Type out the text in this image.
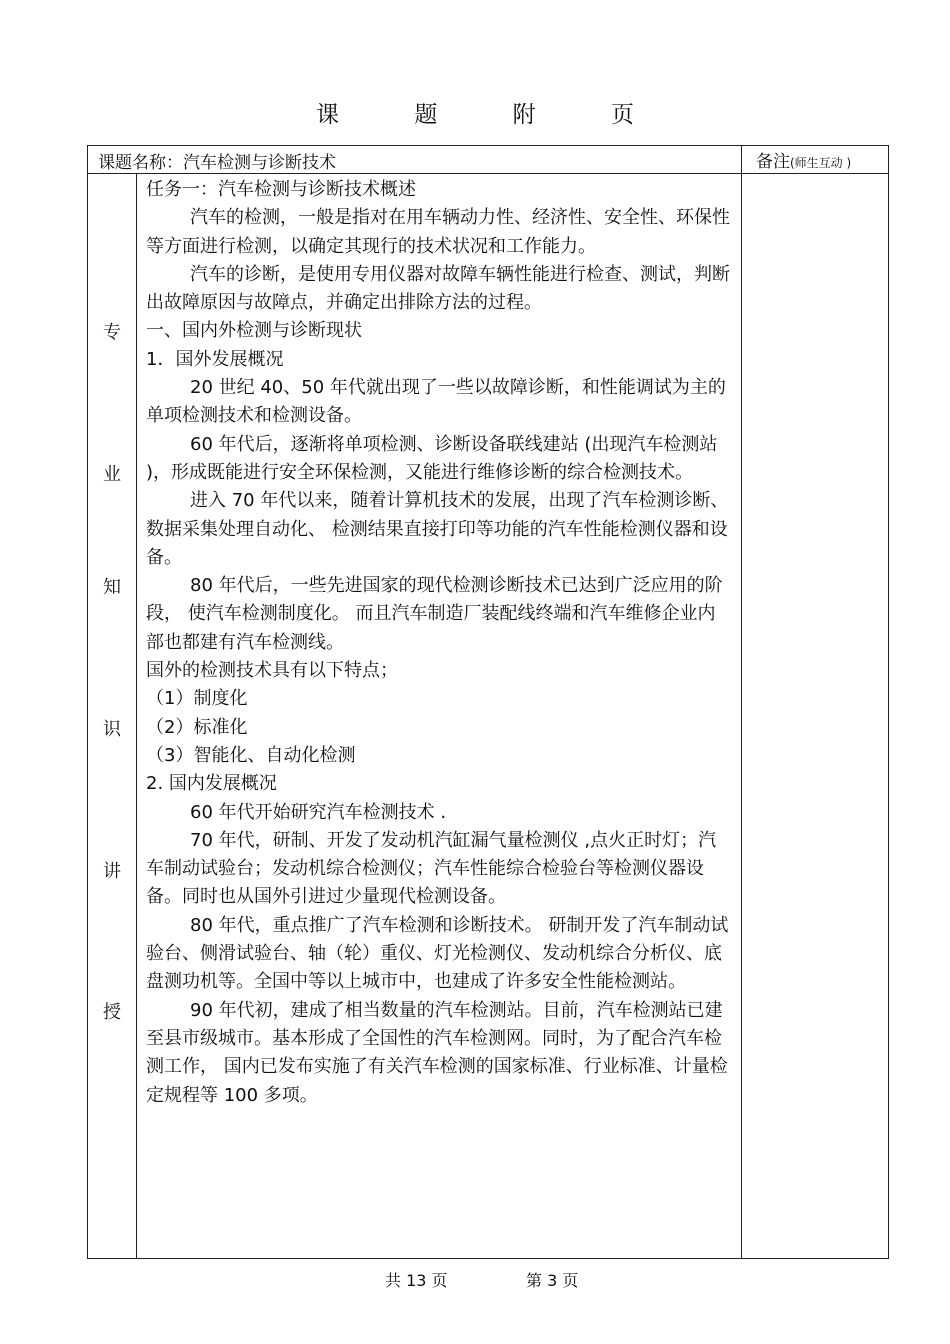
课 题 附 页
课题名称：汽车检测与诊断技术	备注(师生互动 )
专
业
知
识
讲
授

任务一：汽车检测与诊断技术概述

汽车的检测，一般是指对在用车辆动力性、经济性、安全性、环保性等方面进行检测，以确定其现行的技术状况和工作能力。

汽车的诊断，是使用专用仪器对故障车辆性能进行检查、测试，判断出故障原因与故障点，并确定出排除方法的过程。

一、国内外检测与诊断现状

1．国外发展概况

20 世纪 40、50 年代就出现了一些以故障诊断，和性能调试为主的单项检测技术和检测设备。

60 年代后，逐渐将单项检测、诊断设备联线建站 (出现汽车检测站 )，形成既能进行安全环保检测，又能进行维修诊断的综合检测技术。

进入 70 年代以来，随着计算机技术的发展，出现了汽车检测诊断、数据采集处理自动化、 检测结果直接打印等功能的汽车性能检测仪器和设备。

80 年代后，一些先进国家的现代检测诊断技术已达到广泛应用的阶段， 使汽车检测制度化。 而且汽车制造厂装配线终端和汽车维修企业内部也都建有汽车检测线。

国外的检测技术具有以下特点；

（1）制度化

（2）标准化

（3）智能化、自动化检测

2. 国内发展概况

60 年代开始研究汽车检测技术 .

70 年代，研制、开发了发动机汽缸漏气量检测仪 ,点火正时灯；汽车制动试验台；发动机综合检测仪；汽车性能综合检验台等检测仪器设备。同时也从国外引进过少量现代检测设备。

80 年代，重点推广了汽车检测和诊断技术。 研制开发了汽车制动试验台、侧滑试验台、轴（轮）重仪、灯光检测仪、发动机综合分析仪、底盘测功机等。全国中等以上城市中，也建成了许多安全性能检测站。

90 年代初，建成了相当数量的汽车检测站。目前，汽车检测站已建至县市级城市。基本形成了全国性的汽车检测网。同时，为了配合汽车检测工作， 国内已发布实施了有关汽车检测的国家标准、行业标准、计量检定规程等 100 多项。

共 13 页	第 3 页
